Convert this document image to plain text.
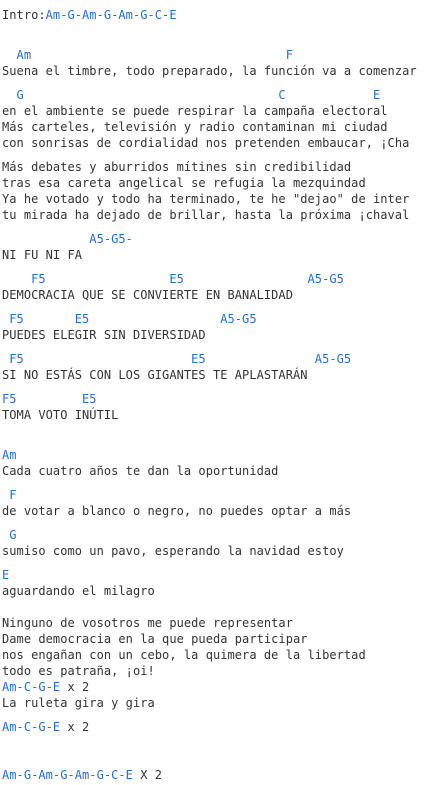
Intro:Am-G-Am-G-Am-G-C-E
Am                                   F
Suena el timbre, todo preparado, la función va a comenzar
G                                   C            E
en el ambiente se puede respirar la campaña electoral
Más carteles, televisión y radio contaminan mi ciudad
con sonrisas de cordialidad nos pretenden embaucar, ¡Cha
Más debates y aburridos mítines sin credibilidad
tras esa careta angelical se refugia la mezquindad
Ya he votado y todo ha terminado, te he "dejao" de inter
tu mirada ha dejado de brillar, hasta la próxima ¡chaval
A5-G5-
NI FU NI FA
F5                 E5                 A5-G5
DEMOCRACIA QUE SE CONVIERTE EN BANALIDAD
F5       E5                  A5-G5
PUEDES ELEGIR SIN DIVERSIDAD
F5                       E5               A5-G5
SI NO ESTÁS CON LOS GIGANTES TE APLASTARÁN
F5         E5
TOMA VOTO INÚTIL
Am
Cada cuatro años te dan la oportunidad
F
de votar a blanco o negro, no puedes optar a más
G
sumiso como un pavo, esperando la navidad estoy
E
aguardando el milagro
Ninguno de vosotros me puede representar
Dame democracia en la que pueda participar
nos engañan con un cebo, la quimera de la libertad
todo es patraña, ¡oi!
Am-C-G-E x 2
La ruleta gira y gira
Am-C-G-E x 2
Am-G-Am-G-Am-G-C-E X 2
